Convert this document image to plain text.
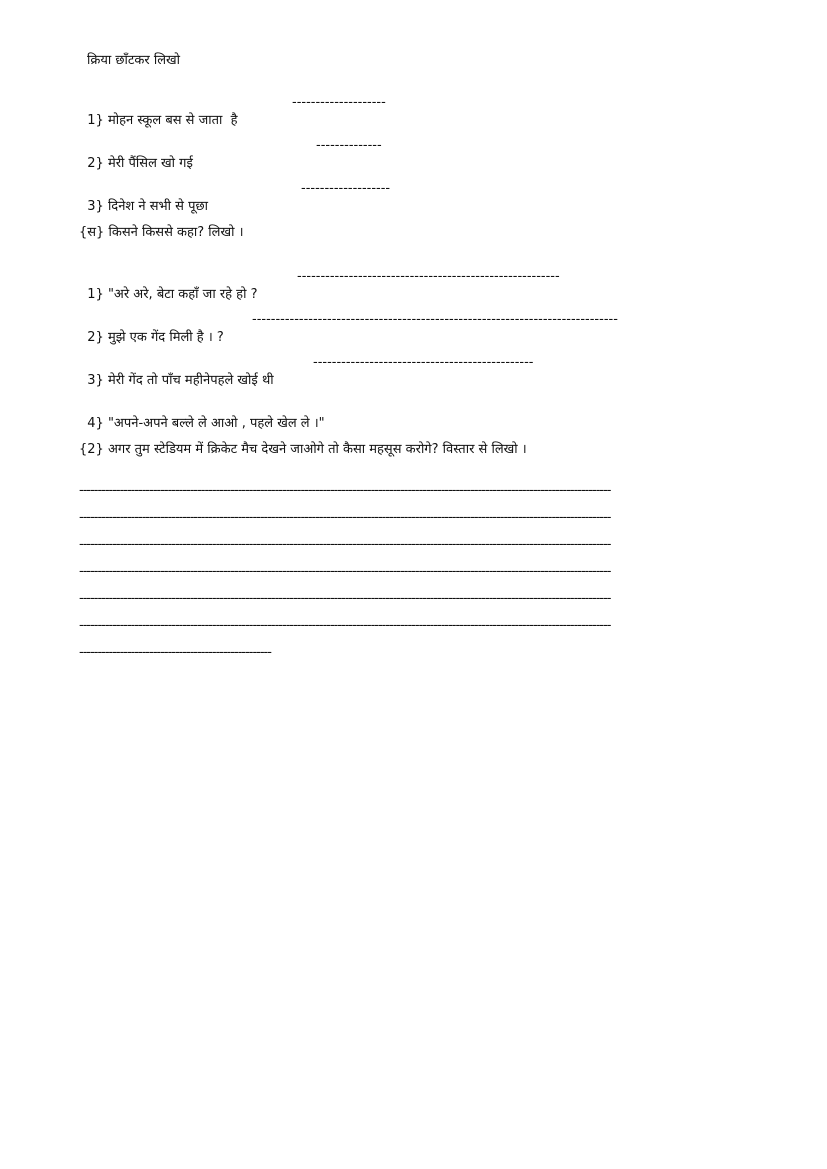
क्रिया छाँटकर लिखो

1} मोहन स्कूल बस से जाता  है

--------------------

2} मेरी पैंसिल खो गई

--------------

3} दिनेश ने सभी से पूछा

-------------------
{स} किसने किससे कहा? लिखो ।

1} "अरे अरे, बेटा कहाँ जा रहे हो ?

--------------------------------------------------------

2} मुझे एक गेंद मिली है । ?

------------------------------------------------------------------------------

3} मेरी गेंद तो पाँच महीनेपहले खोई थी

-----------------------------------------------

4} "अपने-अपने बल्ले ले आओ , पहले खेल ले ।"

{2} अगर तुम स्टेडियम में क्रिकेट मैच देखने जाओगे तो कैसा महसूस करोगे? विस्तार से लिखो ।
------------------------------------------------------------------------------------------------------------------------------------------------
------------------------------------------------------------------------------------------------------------------------------------------------
------------------------------------------------------------------------------------------------------------------------------------------------
------------------------------------------------------------------------------------------------------------------------------------------------
------------------------------------------------------------------------------------------------------------------------------------------------
------------------------------------------------------------------------------------------------------------------------------------------------
----------------------------------------------------
